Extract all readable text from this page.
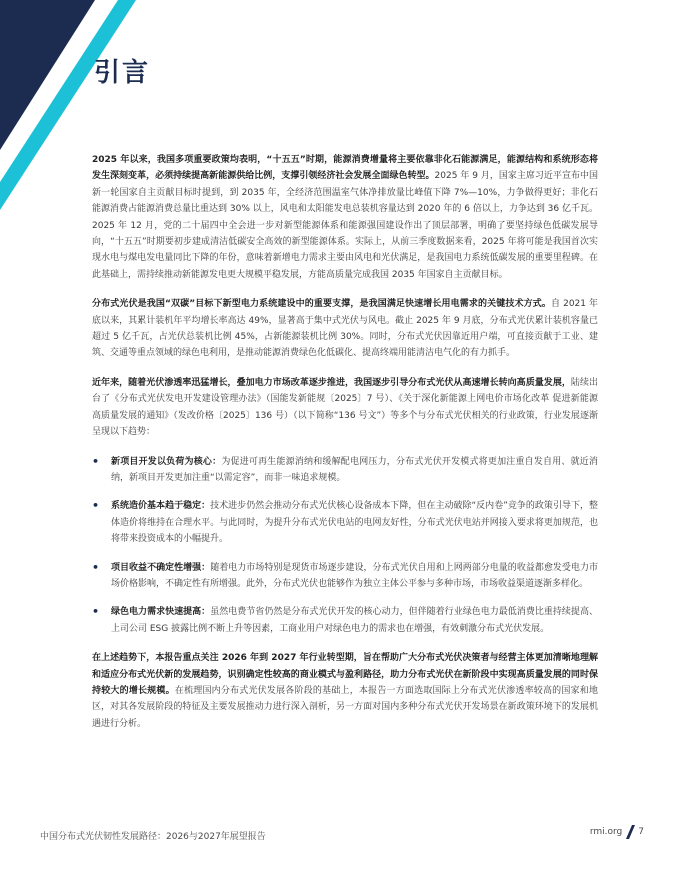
引言

2025 年以来，我国多项重要政策均表明，“十五五”时期，能源消费增量将主要依靠非化石能源满足，能源结构和系统形态将发生深刻变革，必须持续提高新能源供给比例，支撑引领经济社会发展全面绿色转型。2025 年 9 月，国家主席习近平宣布中国新一轮国家自主贡献目标时提到，到 2035 年，全经济范围温室气体净排放量比峰值下降 7%—10%，力争做得更好；非化石能源消费占能源消费总量比重达到 30% 以上，风电和太阳能发电总装机容量达到 2020 年的 6 倍以上，力争达到 36 亿千瓦。2025 年 12 月，党的二十届四中全会进一步对新型能源体系和能源强国建设作出了顶层部署，明确了要坚持绿色低碳发展导向，“十五五”时期要初步建成清洁低碳安全高效的新型能源体系。实际上，从前三季度数据来看，2025 年将可能是我国首次实现水电与煤电发电量同比下降的年份，意味着新增电力需求主要由风电和光伏满足，是我国电力系统低碳发展的重要里程碑。在此基础上，需持续推动新能源发电更大规模平稳发展，方能高质量完成我国 2035 年国家自主贡献目标。

分布式光伏是我国“双碳”目标下新型电力系统建设中的重要支撑，是我国满足快速增长用电需求的关键技术方式。自 2021 年底以来，其累计装机年平均增长率高达 49%，显著高于集中式光伏与风电。截止 2025 年 9 月底，分布式光伏累计装机容量已超过 5 亿千瓦，占光伏总装机比例 45%，占新能源装机比例 30%。同时，分布式光伏因靠近用户端，可直接贡献于工业、建筑、交通等重点领域的绿色电利用，是推动能源消费绿色化低碳化、提高终端用能清洁电气化的有力抓手。

近年来，随着光伏渗透率迅猛增长，叠加电力市场改革逐步推进，我国逐步引导分布式光伏从高速增长转向高质量发展，陆续出台了《分布式光伏发电开发建设管理办法》（国能发新能规〔2025〕7 号）、《关于深化新能源上网电价市场化改革 促进新能源高质量发展的通知》（发改价格〔2025〕136 号）（以下简称“136 号文”）等多个与分布式光伏相关的行业政策，行业发展逐渐呈现以下趋势：

• 新项目开发以负荷为核心：为促进可再生能源消纳和缓解配电网压力，分布式光伏开发模式将更加注重自发自用、就近消纳，新项目开发更加注重“以需定容”，而非一味追求规模。
• 系统造价基本趋于稳定：技术进步仍然会推动分布式光伏核心设备成本下降，但在主动破除“反内卷”竞争的政策引导下，整体造价将维持在合理水平。与此同时，为提升分布式光伏电站的电网友好性，分布式光伏电站并网接入要求将更加规范，也将带来投资成本的小幅提升。
• 项目收益不确定性增强：随着电力市场特别是现货市场逐步建设，分布式光伏自用和上网两部分电量的收益都愈发受电力市场价格影响，不确定性有所增强。此外，分布式光伏也能够作为独立主体公平参与多种市场，市场收益渠道逐渐多样化。
• 绿色电力需求快速提高：虽然电费节省仍然是分布式光伏开发的核心动力，但伴随着行业绿色电力最低消费比重持续提高、上司公司 ESG 披露比例不断上升等因素，工商业用户对绿色电力的需求也在增强，有效刺激分布式光伏发展。

在上述趋势下，本报告重点关注 2026 年到 2027 年行业转型期，旨在帮助广大分布式光伏决策者与经营主体更加清晰地理解和适应分布式光伏新的发展趋势，识别确定性较高的商业模式与盈利路径，助力分布式光伏在新阶段中实现高质量发展的同时保持较大的增长规模。在梳理国内分布式光伏发展各阶段的基础上，本报告一方面选取国际上分布式光伏渗透率较高的国家和地区，对其各发展阶段的特征及主要发展推动力进行深入剖析，另一方面对国内多种分布式光伏开发场景在新政策环境下的发展机遇进行分析。

中国分布式光伏韧性发展路径：2026与2027年展望报告	rmi.org 7
